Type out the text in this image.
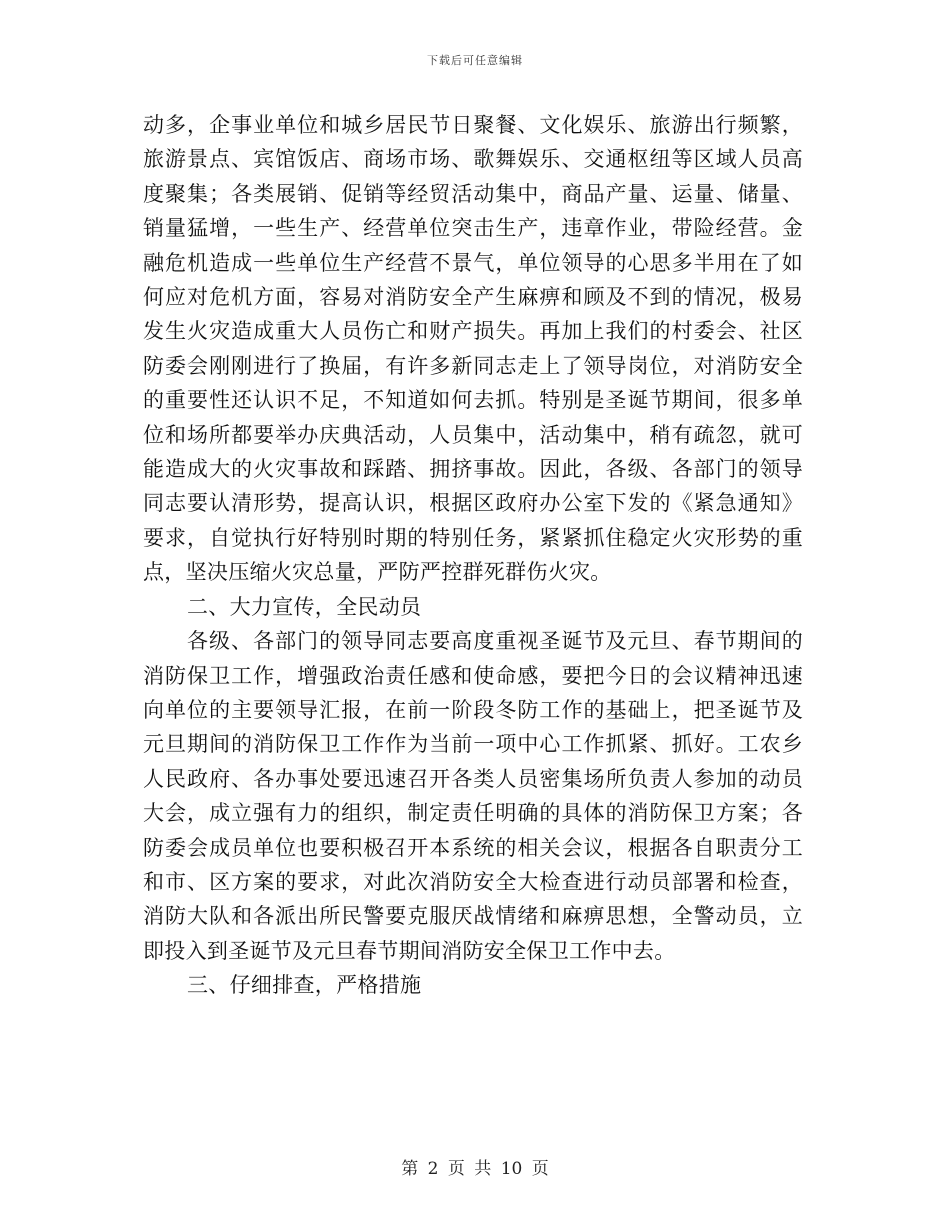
下载后可任意编辑

动多，企事业单位和城乡居民节日聚餐、文化娱乐、旅游出行频繁，旅游景点、宾馆饭店、商场市场、歌舞娱乐、交通枢纽等区域人员高度聚集；各类展销、促销等经贸活动集中，商品产量、运量、储量、销量猛增，一些生产、经营单位突击生产，违章作业，带险经营。金融危机造成一些单位生产经营不景气，单位领导的心思多半用在了如何应对危机方面，容易对消防安全产生麻痹和顾及不到的情况，极易发生火灾造成重大人员伤亡和财产损失。再加上我们的村委会、社区防委会刚刚进行了换届，有许多新同志走上了领导岗位，对消防安全的重要性还认识不足，不知道如何去抓。特别是圣诞节期间，很多单位和场所都要举办庆典活动，人员集中，活动集中，稍有疏忽，就可能造成大的火灾事故和踩踏、拥挤事故。因此，各级、各部门的领导同志要认清形势，提高认识，根据区政府办公室下发的《紧急通知》要求，自觉执行好特别时期的特别任务，紧紧抓住稳定火灾形势的重点，坚决压缩火灾总量，严防严控群死群伤火灾。

二、大力宣传，全民动员

各级、各部门的领导同志要高度重视圣诞节及元旦、春节期间的消防保卫工作，增强政治责任感和使命感，要把今日的会议精神迅速向单位的主要领导汇报，在前一阶段冬防工作的基础上，把圣诞节及元旦期间的消防保卫工作作为当前一项中心工作抓紧、抓好。工农乡人民政府、各办事处要迅速召开各类人员密集场所负责人参加的动员大会，成立强有力的组织，制定责任明确的具体的消防保卫方案；各防委会成员单位也要积极召开本系统的相关会议，根据各自职责分工和市、区方案的要求，对此次消防安全大检查进行动员部署和检查，消防大队和各派出所民警要克服厌战情绪和麻痹思想，全警动员，立即投入到圣诞节及元旦春节期间消防安全保卫工作中去。

三、仔细排查，严格措施

第 2 页 共 10 页
